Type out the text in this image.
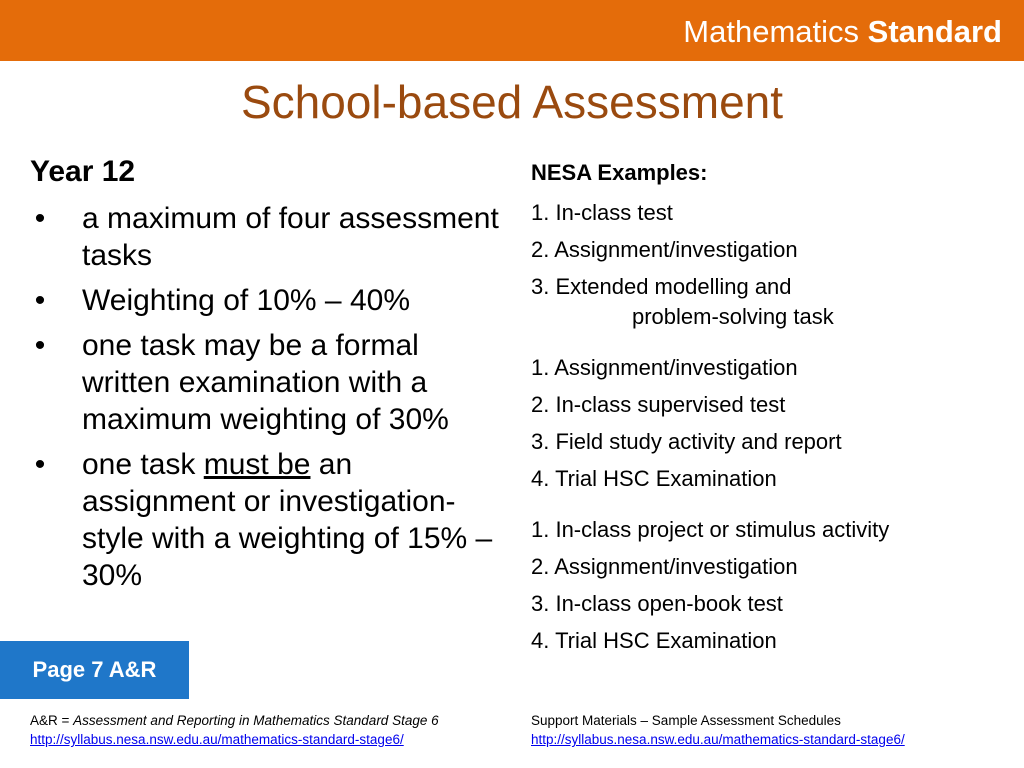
Mathematics Standard
School-based Assessment

Year 12

• a maximum of four assessment tasks
• Weighting of 10% – 40%
• one task may be a formal written examination with a maximum weighting of 30%
• one task must be an assignment or investigation-style with a weighting of 15% – 30%

NESA Examples:

1. In-class test
2. Assignment/investigation
3. Extended modelling and
problem-solving task
1. Assignment/investigation
2. In-class supervised test
3. Field study activity and report
4. Trial HSC Examination
1. In-class project or stimulus activity
2. Assignment/investigation
3. In-class open-book test
4. Trial HSC Examination
Page 7 A&R
A&R = Assessment and Reporting in Mathematics Standard Stage 6
http://syllabus.nesa.nsw.edu.au/mathematics-standard-stage6/
Support Materials – Sample Assessment Schedules
http://syllabus.nesa.nsw.edu.au/mathematics-standard-stage6/
